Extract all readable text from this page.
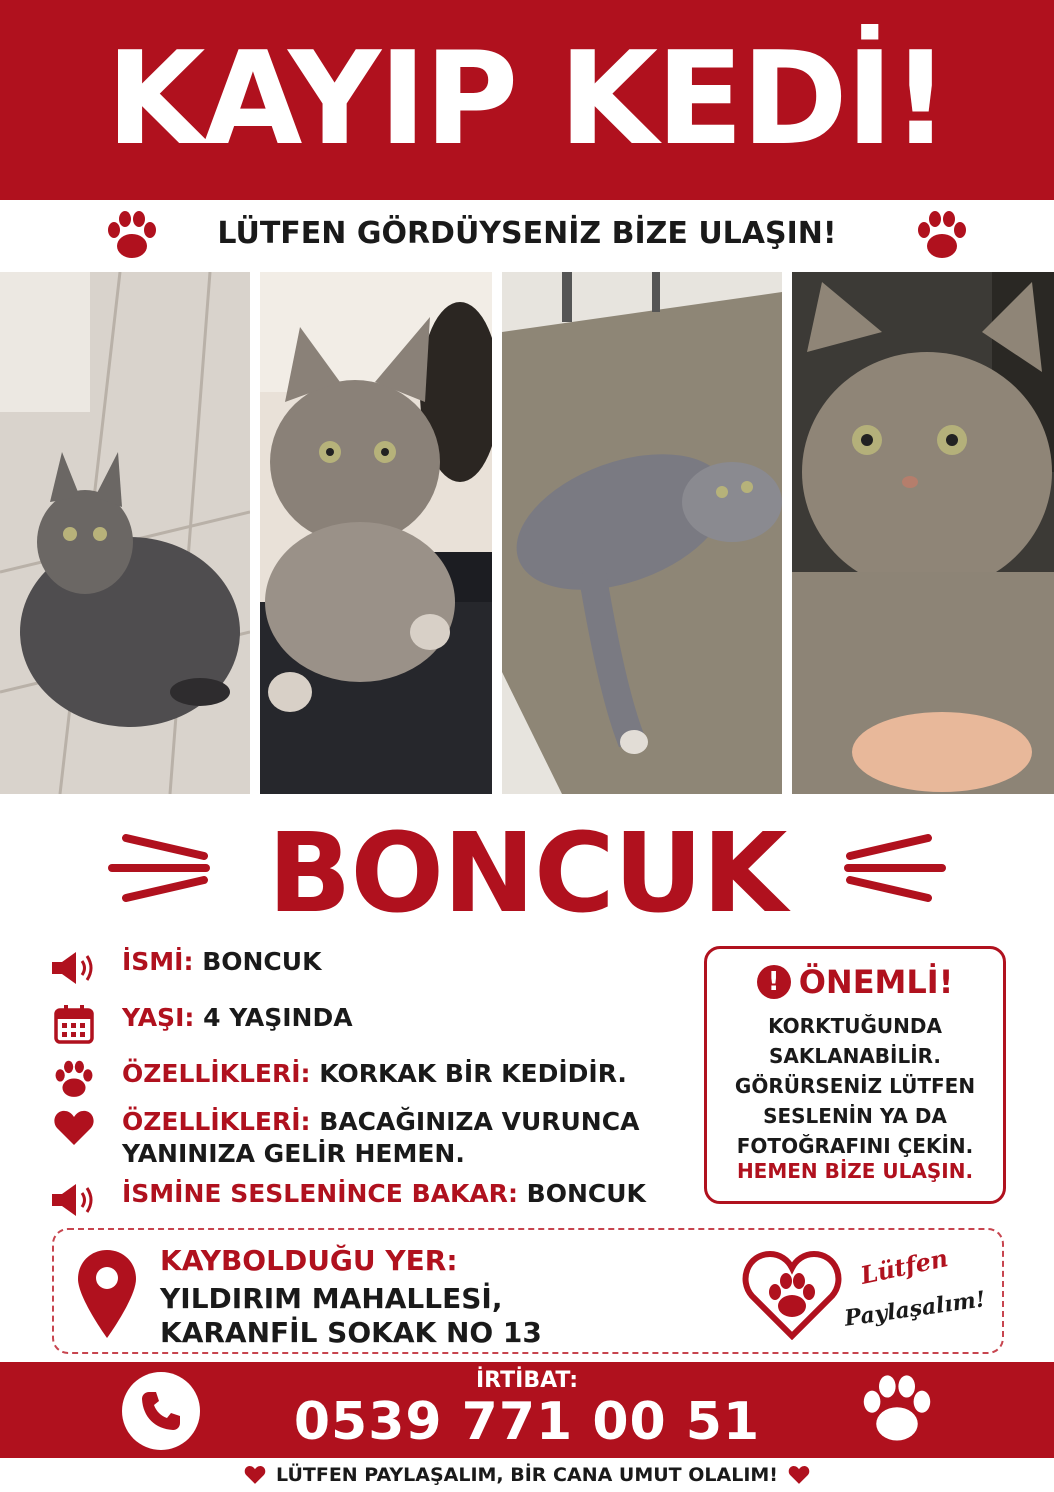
KAYIP KEDİ!
LÜTFEN GÖRDÜYSENİZ BİZE ULAŞIN!
BONCUK
İSMİ: BONCUK
YAŞI: 4 YAŞINDA
ÖZELLİKLERİ: KORKAK BİR KEDİDİR.
ÖZELLİKLERİ: BACAĞINIZA VURUNCA
YANINIZA GELİR HEMEN.
İSMİNE SESLENİNCE BAKAR: BONCUK
! ÖNEMLİ!
KORKTUĞUNDA
SAKLANABİLİR.
GÖRÜRSENİZ LÜTFEN
SESLENİN YA DA
FOTOĞRAFINI ÇEKİN.
HEMEN BİZE ULAŞIN.
KAYBOLDUĞU YER:
YILDIRIM MAHALLESİ,
KARANFİL SOKAK NO 13
Lütfen
Paylaşalım!
İRTİBAT:
0539 771 00 51
LÜTFEN PAYLAŞALIM, BİR CANA UMUT OLALIM!
